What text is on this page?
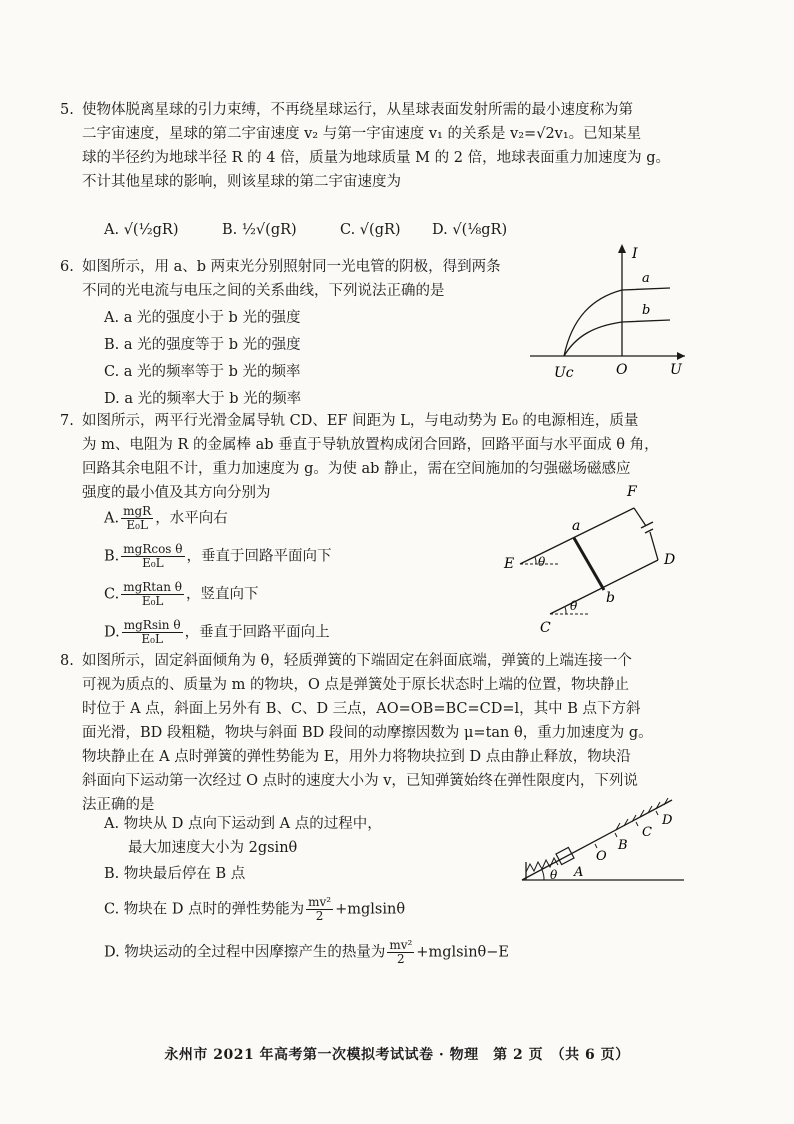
5. 使物体脱离星球的引力束缚，不再绕星球运行，从星球表面发射所需的最小速度称为第

二宇宙速度，星球的第二宇宙速度 v₂ 与第一宇宙速度 v₁ 的关系是 v₂=√2v₁。已知某星

球的半径约为地球半径 R 的 4 倍，质量为地球质量 M 的 2 倍，地球表面重力加速度为 g。

不计其他星球的影响，则该星球的第二宇宙速度为

A. √(½gR)	B. ½√(gR)	C. √(gR) D. √(⅛gR)

6. 如图所示，用 a、b 两束光分别照射同一光电管的阴极，得到两条

不同的光电流与电压之间的关系曲线，下列说法正确的是

A. a 光的强度小于 b 光的强度
B. a 光的强度等于 b 光的强度
C. a 光的频率等于 b 光的频率
D. a 光的频率大于 b 光的频率
I
U
O
Uc
a
b

7. 如图所示，两平行光滑金属导轨 CD、EF 间距为 L，与电动势为 E₀ 的电源相连，质量

为 m、电阻为 R 的金属棒 ab 垂直于导轨放置构成闭合回路，回路平面与水平面成 θ 角，

回路其余电阻不计，重力加速度为 g。为使 ab 静止，需在空间施加的匀强磁场磁感应

强度的最小值及其方向分别为

A. $\frac{\text{mgR}}{\text{E₀L}}$ ，水平向右
B. $\frac{\text{mgRcos θ}}{\text{E₀L}}$ ，垂直于回路平面向下
C. $\frac{\text{mgRtan θ}}{\text{E₀L}}$ ，竖直向下
D. $\frac{\text{mgRsin θ}}{\text{E₀L}}$ ，垂直于回路平面向上
F
a
b
E	D
C
θ
θ

8. 如图所示，固定斜面倾角为 θ，轻质弹簧的下端固定在斜面底端，弹簧的上端连接一个

可视为质点的、质量为 m 的物块，O 点是弹簧处于原长状态时上端的位置，物块静止

时位于 A 点，斜面上另外有 B、C、D 三点，AO=OB=BC=CD=l，其中 B 点下方斜

面光滑，BD 段粗糙，物块与斜面 BD 段间的动摩擦因数为 μ=tan θ，重力加速度为 g。

物块静止在 A 点时弹簧的弹性势能为 E，用外力将物块拉到 D 点由静止释放，物块沿

斜面向下运动第一次经过 O 点时的速度大小为 v，已知弹簧始终在弹性限度内，下列说

法正确的是

A. 物块从 D 点向下运动到 A 点的过程中，
最大加速度大小为 2gsinθ
B. 物块最后停在 B 点
C. 物块在 D 点时的弹性势能为 $\frac{\text{mv²}}{2} +mglsin\theta$
D. 物块运动的全过程中因摩擦产生的热量为 $\frac{\text{mv²}}{2} +mglsin\theta-E$
θ A
O
B
C
D
永州市 2021 年高考第一次模拟考试试卷 · 物理　第 2 页　（共 6 页）
